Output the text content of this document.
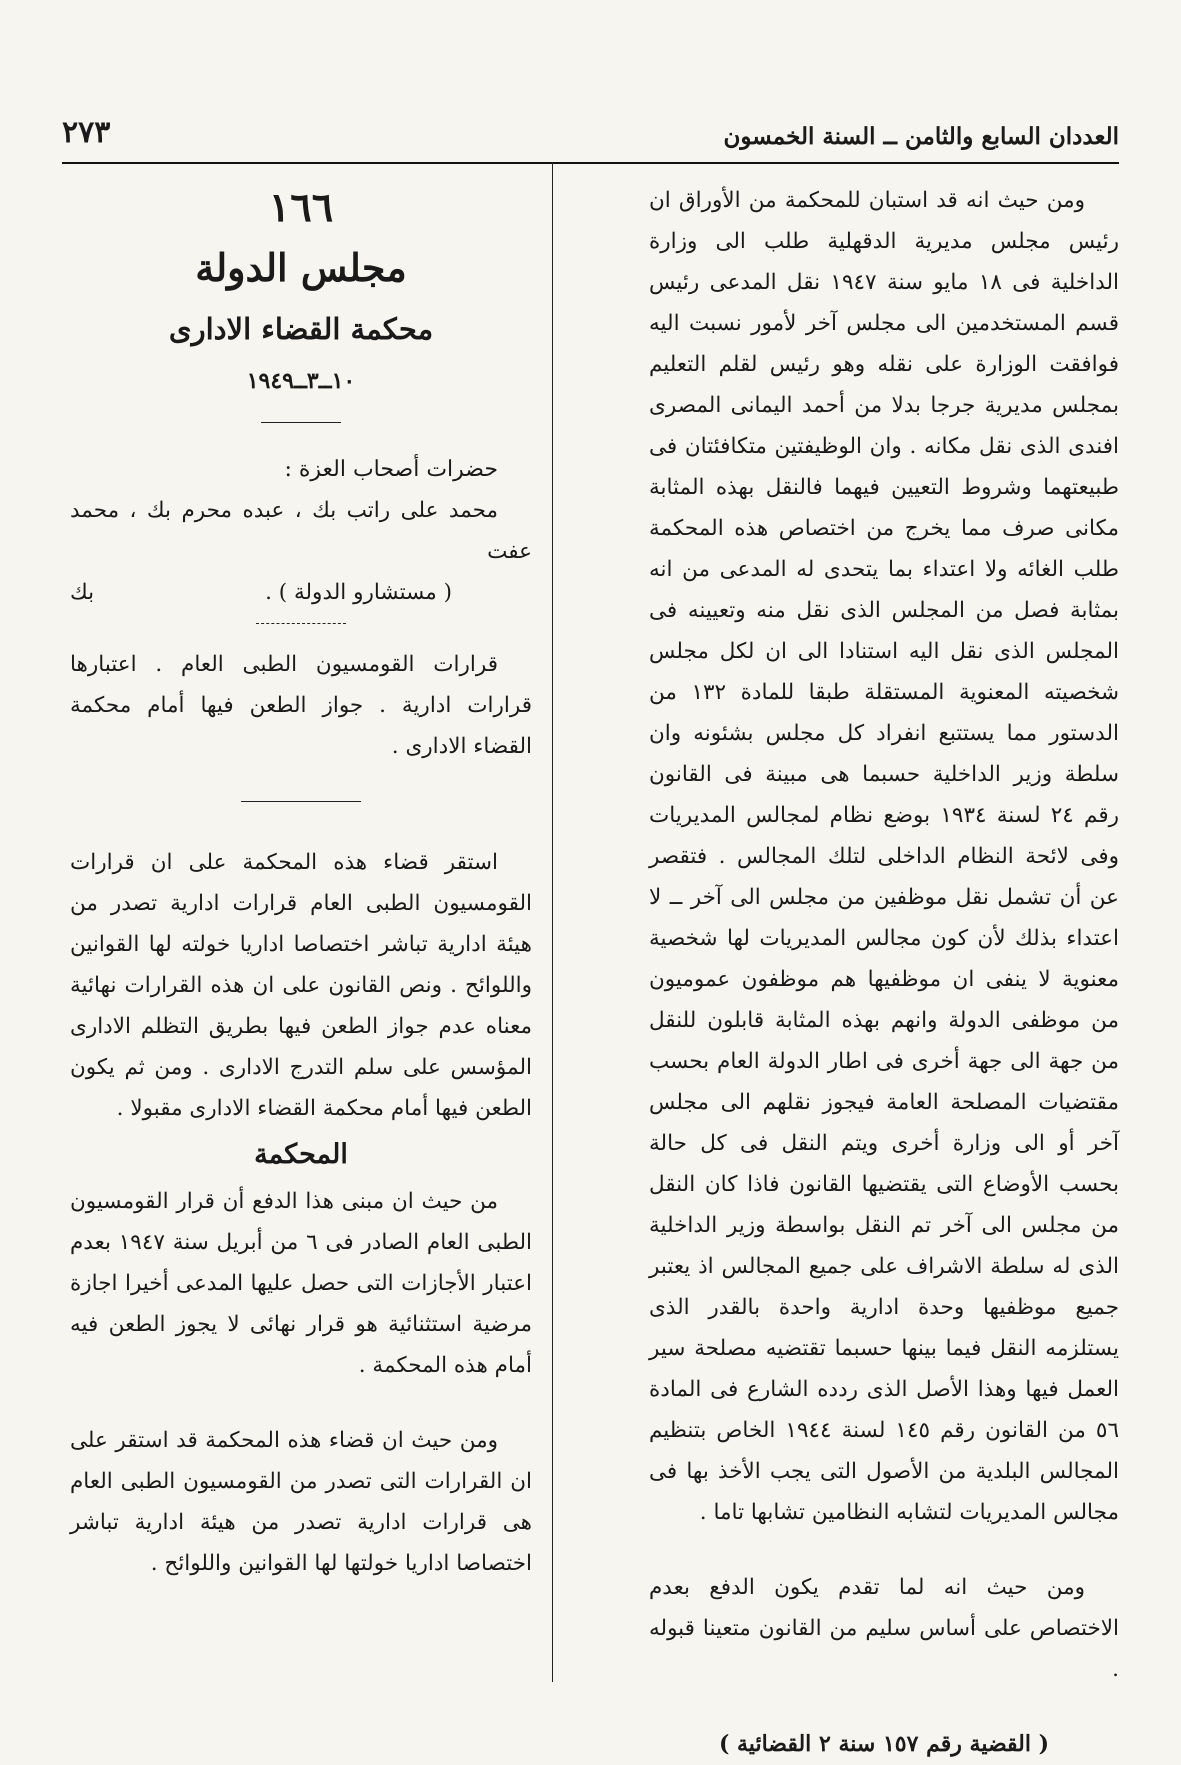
العددان السابع والثامن ــ السنة الخمسون
٢٧٣

ومن حيث انه قد استبان للمحكمة من الأوراق ان رئيس مجلس مديرية الدقهلية طلب الى وزارة الداخلية فى ١٨ مايو سنة ١٩٤٧ نقل المدعى رئيس قسم المستخدمين الى مجلس آخر لأمور نسبت اليه فوافقت الوزارة على نقله وهو رئيس لقلم التعليم بمجلس مديرية جرجا بدلا من أحمد اليمانى المصرى افندى الذى نقل مكانه . وان الوظيفتين متكافئتان فى طبيعتهما وشروط التعيين فيهما فالنقل بهذه المثابة مكانى صرف مما يخرج من اختصاص هذه المحكمة طلب الغائه ولا اعتداء بما يتحدى له المدعى من انه بمثابة فصل من المجلس الذى نقل منه وتعيينه فى المجلس الذى نقل اليه استنادا الى ان لكل مجلس شخصيته المعنوية المستقلة طبقا للمادة ١٣٢ من الدستور مما يستتبع انفراد كل مجلس بشئونه وان سلطة وزير الداخلية حسبما هى مبينة فى القانون رقم ٢٤ لسنة ١٩٣٤ بوضع نظام لمجالس المديريات وفى لائحة النظام الداخلى لتلك المجالس . فتقصر عن أن تشمل نقل موظفين من مجلس الى آخر ــ لا اعتداء بذلك لأن كون مجالس المديريات لها شخصية معنوية لا ينفى ان موظفيها هم موظفون عموميون من موظفى الدولة وانهم بهذه المثابة قابلون للنقل من جهة الى جهة أخرى فى اطار الدولة العام بحسب مقتضيات المصلحة العامة فيجوز نقلهم الى مجلس آخر أو الى وزارة أخرى ويتم النقل فى كل حالة بحسب الأوضاع التى يقتضيها القانون فاذا كان النقل من مجلس الى آخر تم النقل بواسطة وزير الداخلية الذى له سلطة الاشراف على جميع المجالس اذ يعتبر جميع موظفيها وحدة ادارية واحدة بالقدر الذى يستلزمه النقل فيما بينها حسبما تقتضيه مصلحة سير العمل فيها وهذا الأصل الذى ردده الشارع فى المادة ٥٦ من القانون رقم ١٤٥ لسنة ١٩٤٤ الخاص بتنظيم المجالس البلدية من الأصول التى يجب الأخذ بها فى مجالس المديريات لتشابه النظامين تشابها تاما .

ومن حيث انه لما تقدم يكون الدفع بعدم الاختصاص على أساس سليم من القانون متعينا قبوله .

( القضية رقم ١٥٧ سنة ٢ القضائية )

١٦٦

مجلس الدولة

محكمة القضاء الادارى

١٠ــ٣ــ١٩٤٩

حضرات أصحاب العزة :

محمد على راتب بك ، عبده محرم بك ، محمد عفت

( مستشارو الدولة ) .
بك

قرارات القومسيون الطبى العام . اعتبارها قرارات ادارية . جواز الطعن فيها أمام محكمة القضاء الادارى .

استقر قضاء هذه المحكمة على ان قرارات القومسيون الطبى العام قرارات ادارية تصدر من هيئة ادارية تباشر اختصاصا اداريا خولته لها القوانين واللوائح . ونص القانون على ان هذه القرارات نهائية معناه عدم جواز الطعن فيها بطريق التظلم الادارى المؤسس على سلم التدرج الادارى . ومن ثم يكون الطعن فيها أمام محكمة القضاء الادارى مقبولا .

المحكمة

من حيث ان مبنى هذا الدفع أن قرار القومسيون الطبى العام الصادر فى ٦ من أبريل سنة ١٩٤٧ بعدم اعتبار الأجازات التى حصل عليها المدعى أخيرا اجازة مرضية استثنائية هو قرار نهائى لا يجوز الطعن فيه أمام هذه المحكمة .

ومن حيث ان قضاء هذه المحكمة قد استقر على ان القرارات التى تصدر من القومسيون الطبى العام هى قرارات ادارية تصدر من هيئة ادارية تباشر اختصاصا اداريا خولتها لها القوانين واللوائح .
